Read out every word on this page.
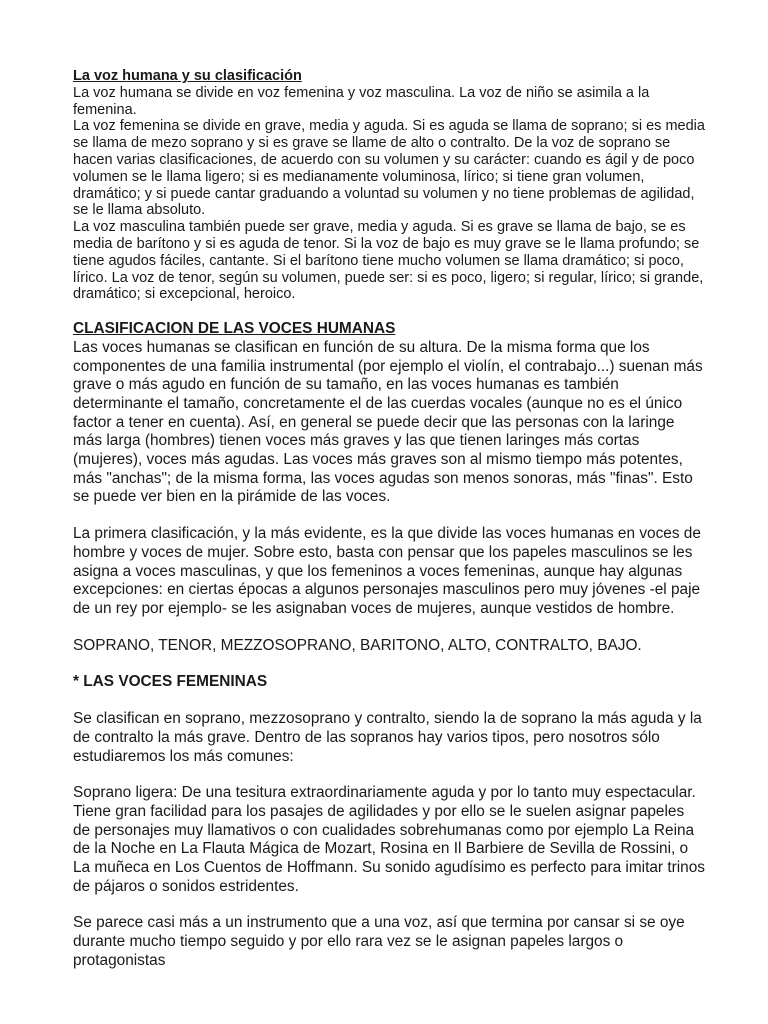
La voz humana y su clasificación

La voz humana se divide en voz femenina y voz masculina. La voz de niño se asimila a la femenina.

La voz femenina se divide en grave, media y aguda. Si es aguda se llama de soprano; si es media se llama de mezo soprano y si es grave se llame de alto o contralto. De la voz de soprano se hacen varias clasificaciones, de acuerdo con su volumen y su carácter: cuando es ágil y de poco volumen se le llama ligero; si es medianamente voluminosa, lírico; si tiene gran volumen, dramático; y si puede cantar graduando a voluntad su volumen y no tiene problemas de agilidad, se le llama absoluto.

La voz masculina también puede ser grave, media y aguda. Si es grave se llama de bajo, se es media de barítono y si es aguda de tenor. Si la voz de bajo es muy grave se le llama profundo; se tiene agudos fáciles, cantante. Si el barítono tiene mucho volumen se llama dramático; si poco, lírico. La voz de tenor, según su volumen, puede ser: si es poco, ligero; si regular, lírico; si grande, dramático; si excepcional, heroico.

CLASIFICACION DE LAS VOCES HUMANAS

Las voces humanas se clasifican en función de su altura. De la misma forma que los componentes de una familia instrumental (por ejemplo el violín, el contrabajo...) suenan más grave o más agudo en función de su tamaño, en las voces humanas es también determinante el tamaño, concretamente el de las cuerdas vocales (aunque no es el único factor a tener en cuenta). Así, en general se puede decir que las personas con la laringe más larga (hombres) tienen voces más graves y las que tienen laringes más cortas (mujeres), voces más agudas. Las voces más graves son al mismo tiempo más potentes, más "anchas"; de la misma forma, las voces agudas son menos sonoras, más "finas". Esto se puede ver bien en la pirámide de las voces.

La primera clasificación, y la más evidente, es la que divide las voces humanas en voces de hombre y voces de mujer. Sobre esto, basta con pensar que los papeles masculinos se les asigna a voces masculinas, y que los femeninos a voces femeninas, aunque hay algunas excepciones: en ciertas épocas a algunos personajes masculinos pero muy jóvenes -el paje de un rey por ejemplo- se les asignaban voces de mujeres, aunque vestidos de hombre.

SOPRANO, TENOR, MEZZOSOPRANO, BARITONO, ALTO, CONTRALTO, BAJO.

* LAS VOCES FEMENINAS

Se clasifican en soprano, mezzosoprano y contralto, siendo la de soprano la más aguda y la de contralto la más grave. Dentro de las sopranos hay varios tipos, pero nosotros sólo estudiaremos los más comunes:

Soprano ligera: De una tesitura extraordinariamente aguda y por lo tanto muy espectacular. Tiene gran facilidad para los pasajes de agilidades y por ello se le suelen asignar papeles de personajes muy llamativos o con cualidades sobrehumanas como por ejemplo La Reina de la Noche en La Flauta Mágica de Mozart, Rosina en Il Barbiere de Sevilla de Rossini, o La muñeca en Los Cuentos de Hoffmann. Su sonido agudísimo es perfecto para imitar trinos de pájaros o sonidos estridentes.

Se parece casi más a un instrumento que a una voz, así que termina por cansar si se oye durante mucho tiempo seguido y por ello rara vez se le asignan papeles largos o protagonistas
